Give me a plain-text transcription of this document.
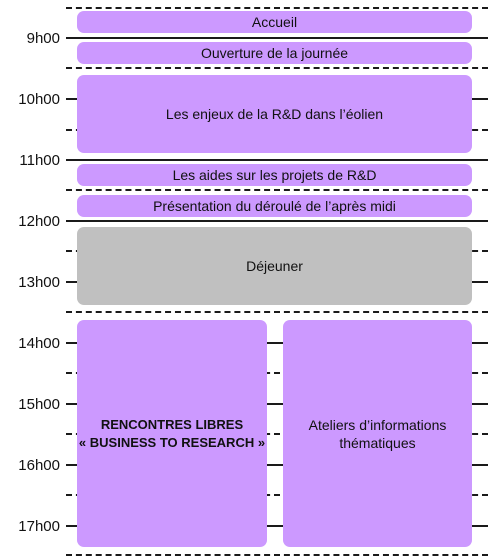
9h00
10h00
11h00
12h00
13h00
14h00
15h00
16h00
17h00
Accueil
Ouverture de la journée
Les enjeux de la R&D dans l’éolien
Les aides sur les projets de R&D
Présentation du déroulé de l’après midi
Déjeuner
RENCONTRES LIBRES
« BUSINESS TO RESEARCH »
Ateliers d’informations
thématiques
